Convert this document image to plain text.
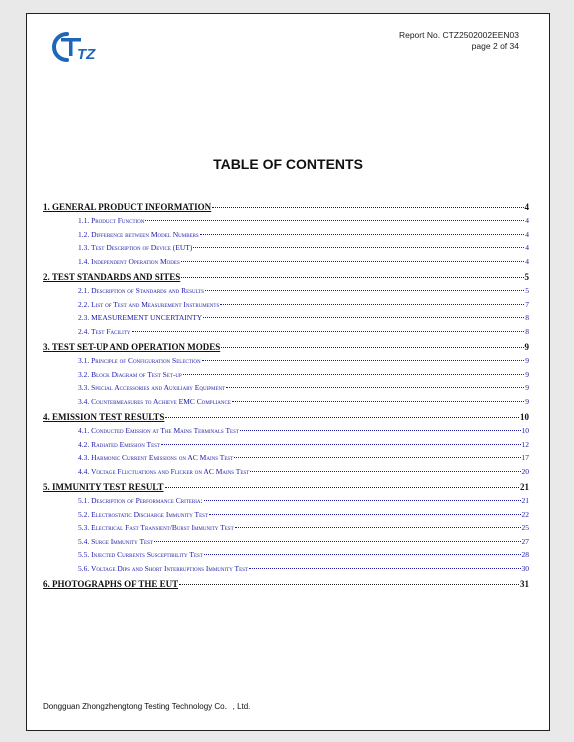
TZ
Report No. CTZ2502002EEN03
page 2 of 34
TABLE OF CONTENTS
1. GENERAL PRODUCT INFORMATION	4
1.1. Product Function	4
1.2. Difference between Model Numbers	4
1.3. Test Description of Device (EUT)	4
1.4. Independent Operation Modes	4
2. TEST STANDARDS AND SITES	5
2.1. Description of Standards and Results	5
2.2. List of Test and Measurement Instruments	7
2.3. MEASUREMENT UNCERTAINTY	8
2.4. Test Facility	8
3. TEST SET-UP AND OPERATION MODES	9
3.1. Principle of Configuration Selection	9
3.2. Block Diagram of Test Set-up	9
3.3. Special Accessories and Auxiliary Equipment	9
3.4. Countermeasures to Achieve EMC Compliance	9
4. EMISSION TEST RESULTS	10
4.1. Conducted Emission at The Mains Terminals Test	10
4.2. Radiated Emission Test	12
4.3. Harmonic Current Emissions on AC Mains Test	17
4.4. Voltage Fluctuations and Flicker on AC Mains Test	20
5. IMMUNITY TEST RESULT	21
5.1. Description of Performance Criteria:	21
5.2. Electrostatic Discharge Immunity Test	22
5.3. Electrical Fast Transient/Burst Immunity Test	25
5.4. Surge Immunity Test	27
5.5. Injected Currents Susceptibility Test	28
5.6. Voltage Dips and Short Interruptions Immunity Test	30
6. PHOTOGRAPHS OF THE EUT	31
Dongguan Zhongzhengtong Testing Technology Co．, Ltd.
